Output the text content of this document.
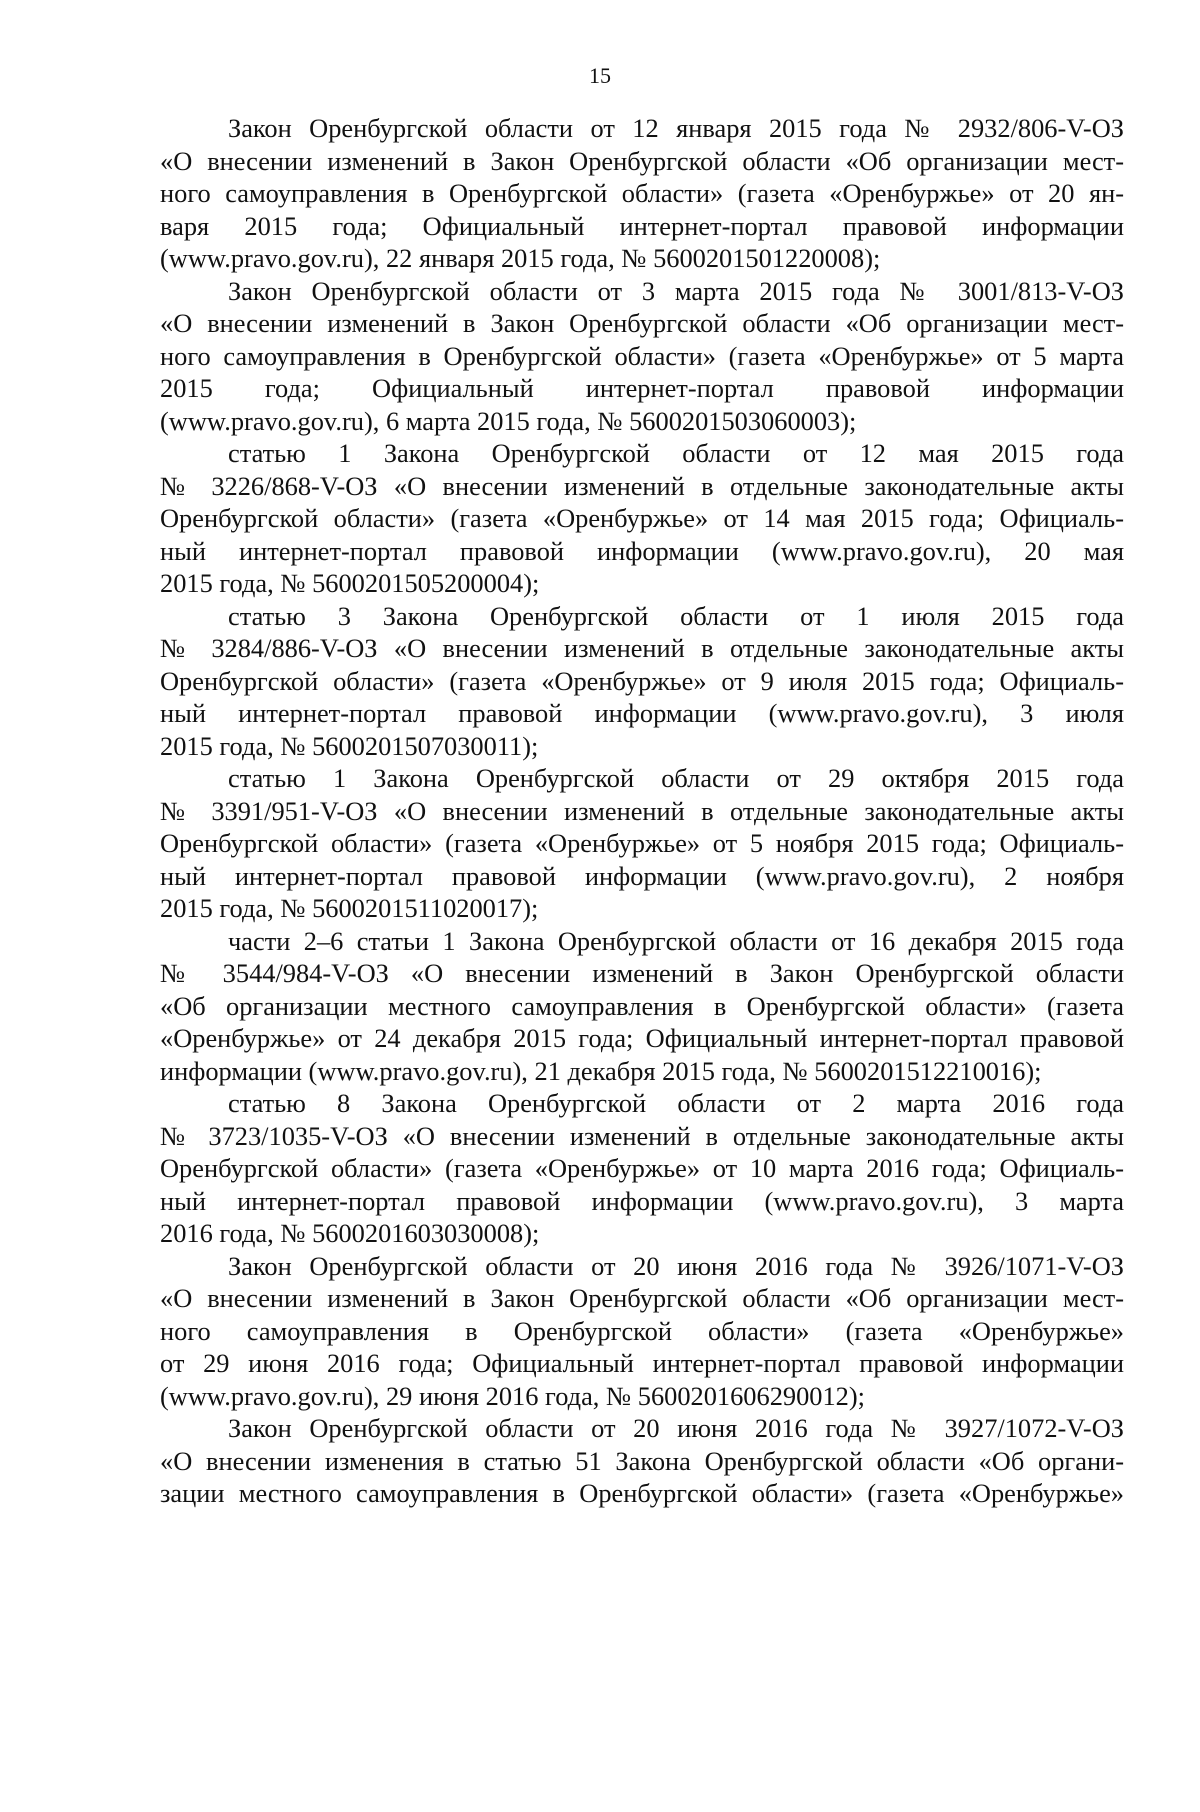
15
Закон Оренбургской области от 12 января 2015 года № 2932/806-V-ОЗ
«О внесении изменений в Закон Оренбургской области «Об организации мест-
ного самоуправления в Оренбургской области» (газета «Оренбуржье» от 20 ян-
варя 2015 года; Официальный интернет-портал правовой информации
(www.pravo.gov.ru), 22 января 2015 года, № 5600201501220008);
Закон Оренбургской области от 3 марта 2015 года № 3001/813-V-ОЗ
«О внесении изменений в Закон Оренбургской области «Об организации мест-
ного самоуправления в Оренбургской области» (газета «Оренбуржье» от 5 марта
2015 года; Официальный интернет-портал правовой информации
(www.pravo.gov.ru), 6 марта 2015 года, № 5600201503060003);
статью 1 Закона Оренбургской области от 12 мая 2015 года
№ 3226/868-V-ОЗ «О внесении изменений в отдельные законодательные акты
Оренбургской области» (газета «Оренбуржье» от 14 мая 2015 года; Официаль-
ный интернет-портал правовой информации (www.pravo.gov.ru), 20 мая
2015 года, № 5600201505200004);
статью 3 Закона Оренбургской области от 1 июля 2015 года
№ 3284/886-V-ОЗ «О внесении изменений в отдельные законодательные акты
Оренбургской области» (газета «Оренбуржье» от 9 июля 2015 года; Официаль-
ный интернет-портал правовой информации (www.pravo.gov.ru), 3 июля
2015 года, № 5600201507030011);
статью 1 Закона Оренбургской области от 29 октября 2015 года
№ 3391/951-V-ОЗ «О внесении изменений в отдельные законодательные акты
Оренбургской области» (газета «Оренбуржье» от 5 ноября 2015 года; Официаль-
ный интернет-портал правовой информации (www.pravo.gov.ru), 2 ноября
2015 года, № 5600201511020017);
части 2–6 статьи 1 Закона Оренбургской области от 16 декабря 2015 года
№ 3544/984-V-ОЗ «О внесении изменений в Закон Оренбургской области
«Об организации местного самоуправления в Оренбургской области» (газета
«Оренбуржье» от 24 декабря 2015 года; Официальный интернет-портал правовой
информации (www.pravo.gov.ru), 21 декабря 2015 года, № 5600201512210016);
статью 8 Закона Оренбургской области от 2 марта 2016 года
№ 3723/1035-V-ОЗ «О внесении изменений в отдельные законодательные акты
Оренбургской области» (газета «Оренбуржье» от 10 марта 2016 года; Официаль-
ный интернет-портал правовой информации (www.pravo.gov.ru), 3 марта
2016 года, № 5600201603030008);
Закон Оренбургской области от 20 июня 2016 года № 3926/1071-V-ОЗ
«О внесении изменений в Закон Оренбургской области «Об организации мест-
ного самоуправления в Оренбургской области» (газета «Оренбуржье»
от 29 июня 2016 года; Официальный интернет-портал правовой информации
(www.pravo.gov.ru), 29 июня 2016 года, № 5600201606290012);
Закон Оренбургской области от 20 июня 2016 года № 3927/1072-V-ОЗ
«О внесении изменения в статью 51 Закона Оренбургской области «Об органи-
зации местного самоуправления в Оренбургской области» (газета «Оренбуржье»
